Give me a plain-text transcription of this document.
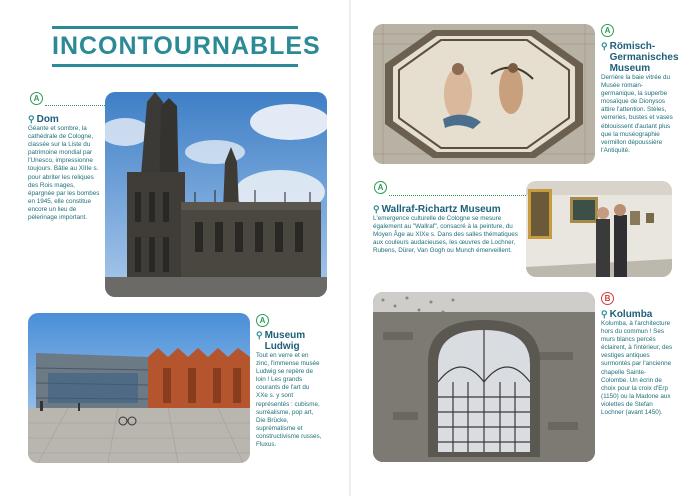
INCONTOURNABLES
A
⚲ Dom

Géante et sombre, la cathédrale de Cologne, classée sur la Liste du patrimoine mondial par l'Unesco, impressionne toujours. Bâtie au XIIIe s. pour abriter les reliques des Rois mages, épargnée par les bombes en 1945, elle constitue encore un lieu de pèlerinage important.

A
⚲ Museum Ludwig

Tout en verre et en zinc, l'immense musée Ludwig se repère de loin ! Les grands courants de l'art du XXe s. y sont représentés : cubisme, surréalisme, pop art, Die Brücke, suprématisme et constructivisme russes, Fluxus.

A
⚲ Römisch-Germanisches Museum

Derrière la baie vitrée du Musée romain-germanique, la superbe mosaïque de Dionysos attire l'attention. Stèles, verreries, bustes et vases éblouissent d'autant plus que la muséographie vermillon dépoussière l'Antiquité.

A
⚲ Wallraf-Richartz Museum

L'emergence culturelle de Cologne se mesure également au "Wallraf", consacré à la peinture, du Moyen Âge au XIXe s. Dans des salles thématiques aux couleurs audacieuses, les œuvres de Lochner, Rubens, Dürer, Van Gogh ou Munch émerveillent.

B
⚲ Kolumba

Kolumba, à l'architecture hors du commun ! Ses murs blancs percés éclairent, à l'intérieur, des vestiges antiques surmontés par l'ancienne chapelle Sainte-Colombe. Un écrin de choix pour la croix d'Erp (1150) ou la Madone aux violettes de Stefan Lochner (avant 1450).
